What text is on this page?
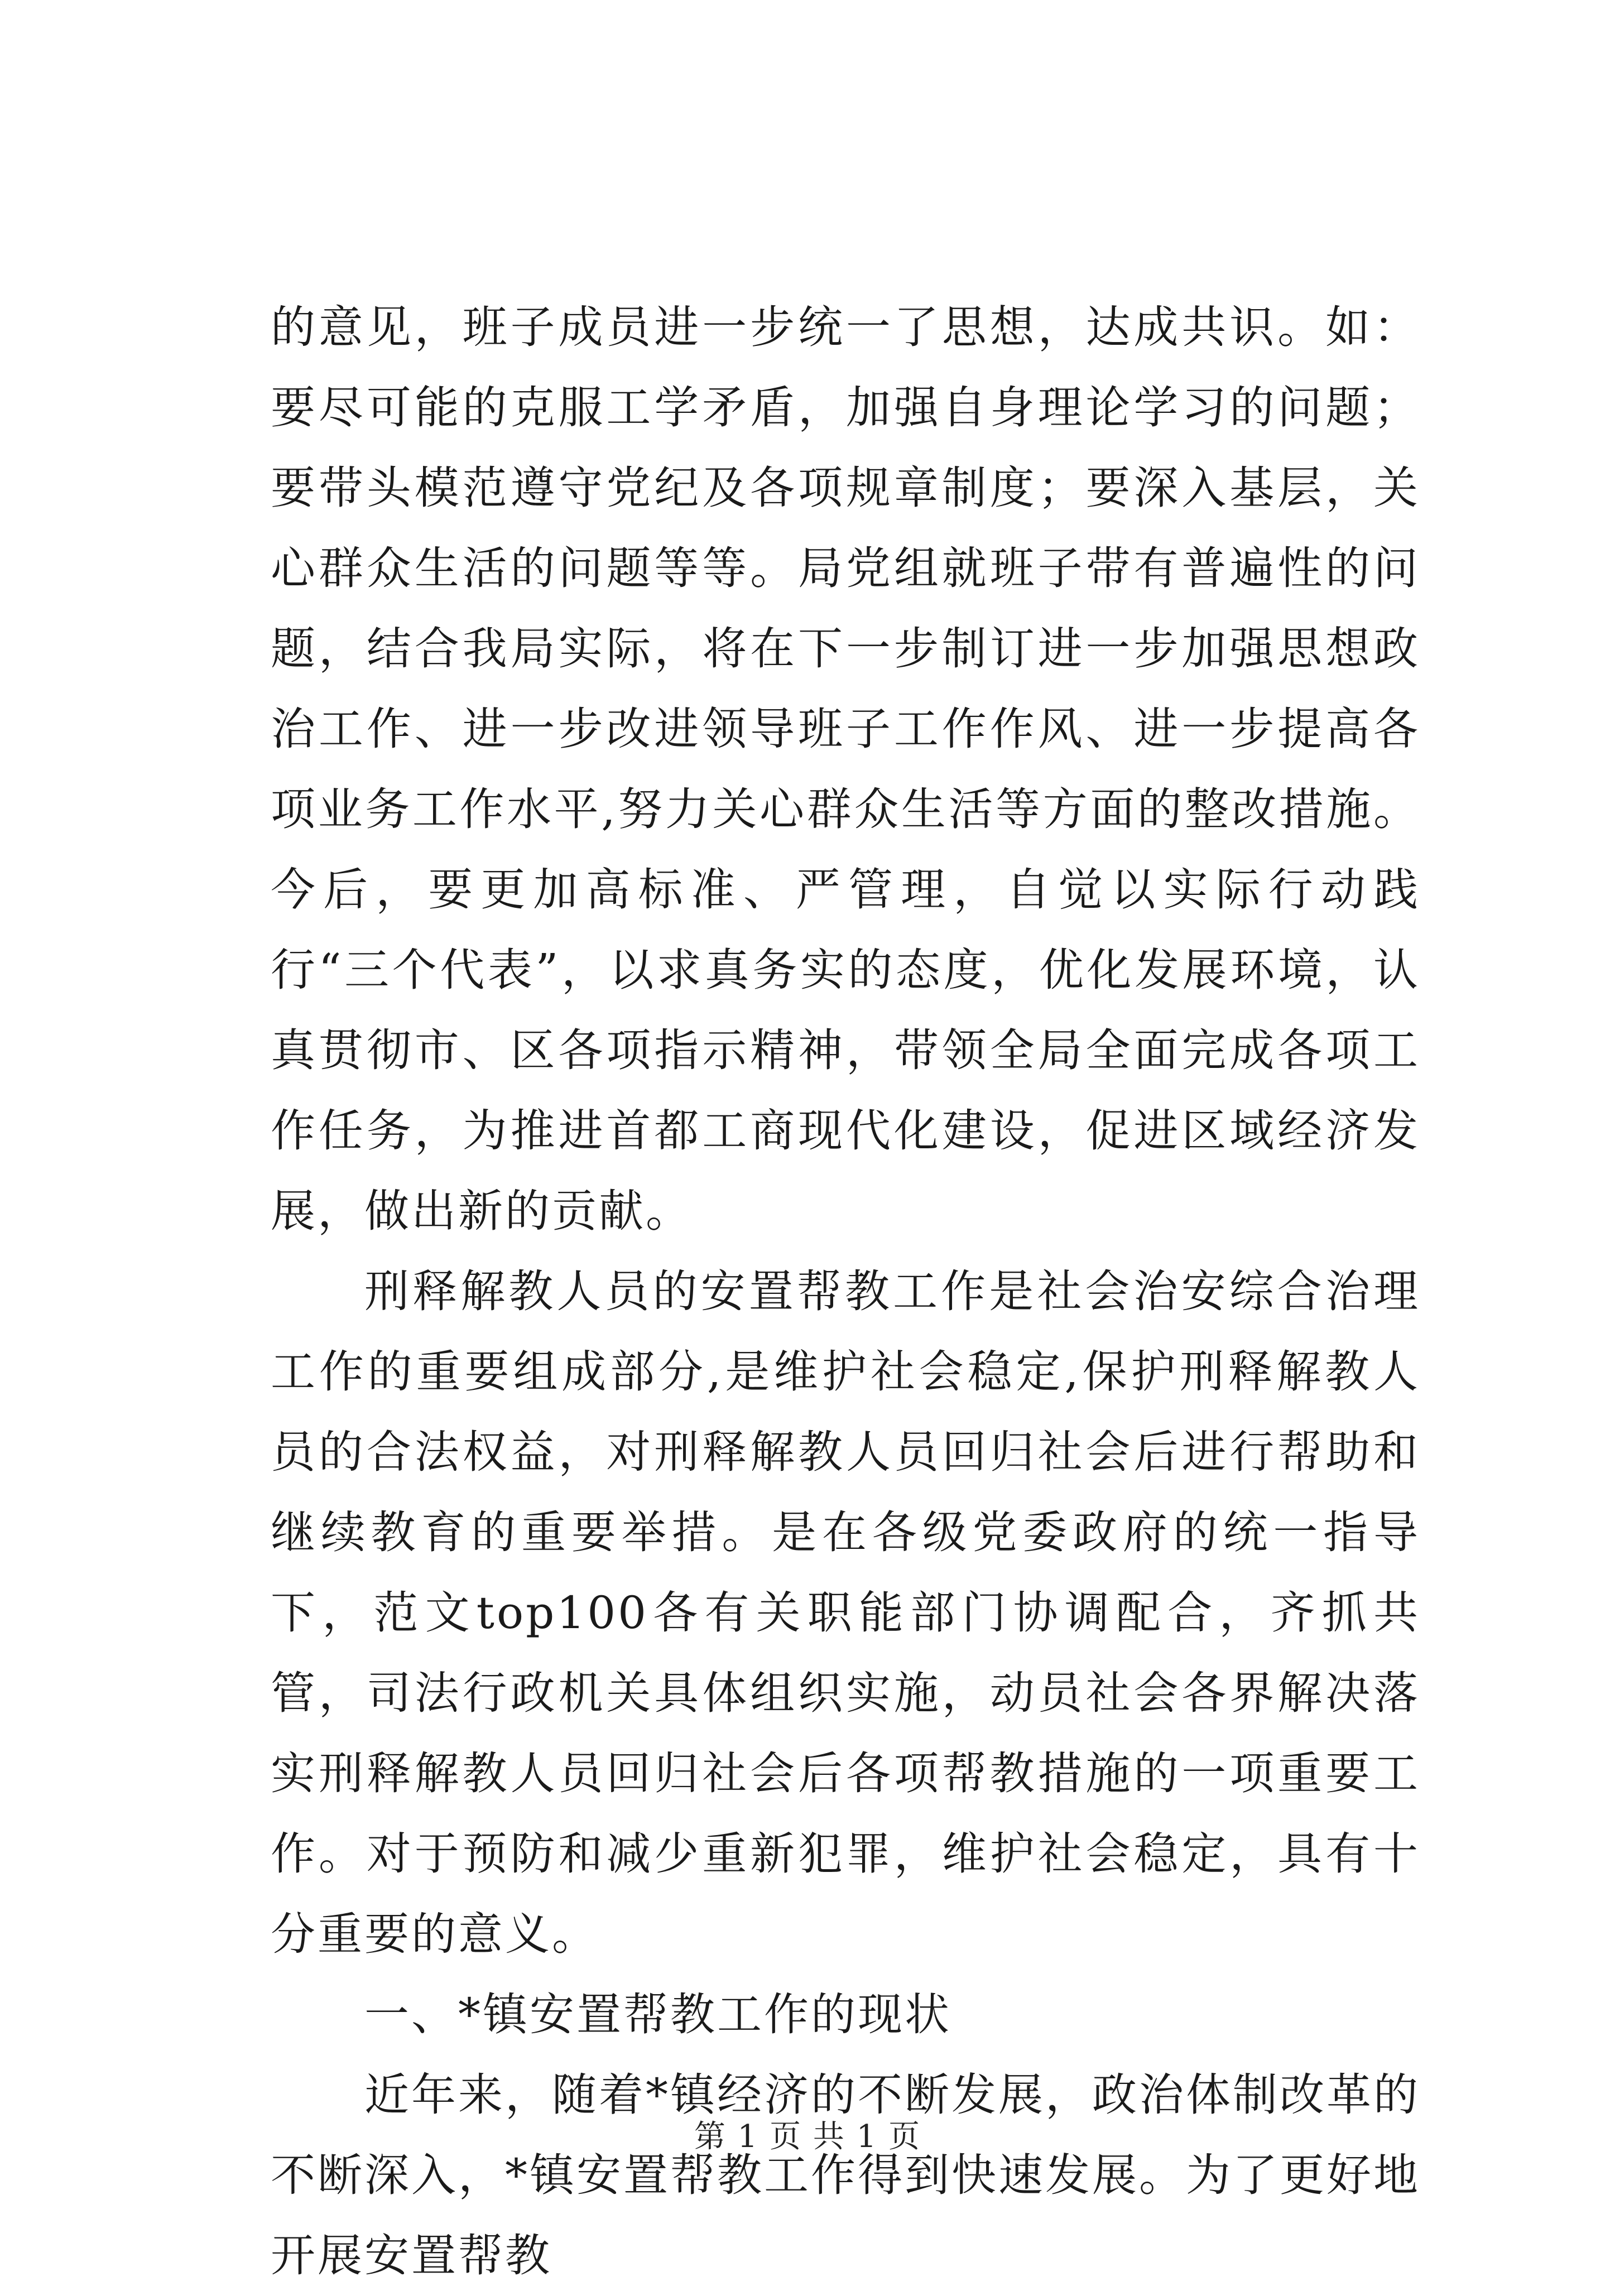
的意见，班子成员进一步统一了思想，达成共识。如：要尽可能的克服工学矛盾，加强自身理论学习的问题；要带头模范遵守党纪及各项规章制度；要深入基层，关心群众生活的问题等等。局党组就班子带有普遍性的问题，结合我局实际，将在下一步制订进一步加强思想政治工作、进一步改进领导班子工作作风、进一步提高各项业务工作水平,努力关心群众生活等方面的整改措施。今后，要更加高标准、严管理，自觉以实际行动践行“三个代表”，以求真务实的态度，优化发展环境，认真贯彻市、区各项指示精神，带领全局全面完成各项工作任务，为推进首都工商现代化建设，促进区域经济发展，做出新的贡献。

刑释解教人员的安置帮教工作是社会治安综合治理工作的重要组成部分,是维护社会稳定,保护刑释解教人员的合法权益，对刑释解教人员回归社会后进行帮助和继续教育的重要举措。是在各级党委政府的统一指导下，范文top100各有关职能部门协调配合，齐抓共管，司法行政机关具体组织实施，动员社会各界解决落实刑释解教人员回归社会后各项帮教措施的一项重要工作。对于预防和减少重新犯罪，维护社会稳定，具有十分重要的意义。

一、*镇安置帮教工作的现状

近年来，随着*镇经济的不断发展，政治体制改革的不断深入，*镇安置帮教工作得到快速发展。为了更好地开展安置帮教

第 1 页 共 1 页
